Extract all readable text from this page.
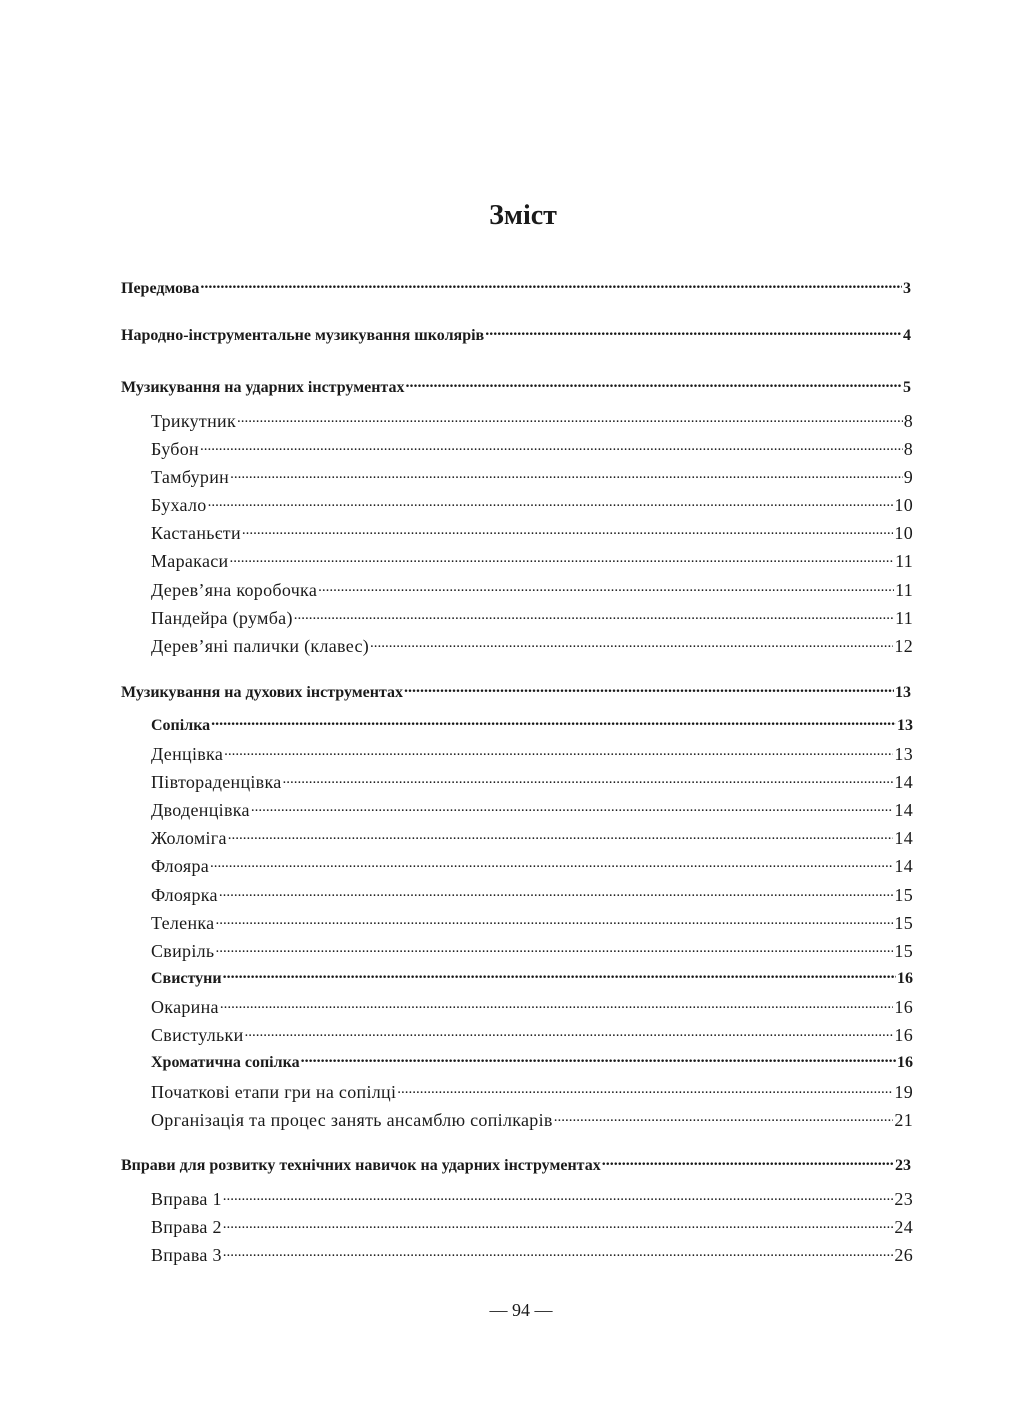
Зміст
Передмова .....	3
Народно-інструментальне музикування школярів .....	4
Музикування на ударних інструментах .....	5
Трикутник .....	8
Бубон .....	8
Тамбурин .....	9
Бухало .....	10
Кастаньєти .....	10
Маракаси .....	11
Дерев’яна коробочка .....	11
Пандейра (румба) .....	11
Дерев’яні палички (клавес) .....	12
Музикування на духових інструментах .....	13
Сопілка .....	13
Денцівка .....	13
Півтораденцівка .....	14
Дводенцівка .....	14
Жоломіга .....	14
Флояра .....	14
Флоярка .....	15
Теленка .....	15
Свиріль .....	15
Свистуни .....	16
Окарина .....	16
Свистульки .....	16
Хроматична сопілка .....	16
Початкові етапи гри на сопілці .....	19
Організація та процес занять ансамблю сопілкарів .....	21
Вправи для розвитку технічних навичок на ударних інструментах .....	23
Вправа 1 .....	23
Вправа 2 .....	24
Вправа 3 .....	26
— 94 —
